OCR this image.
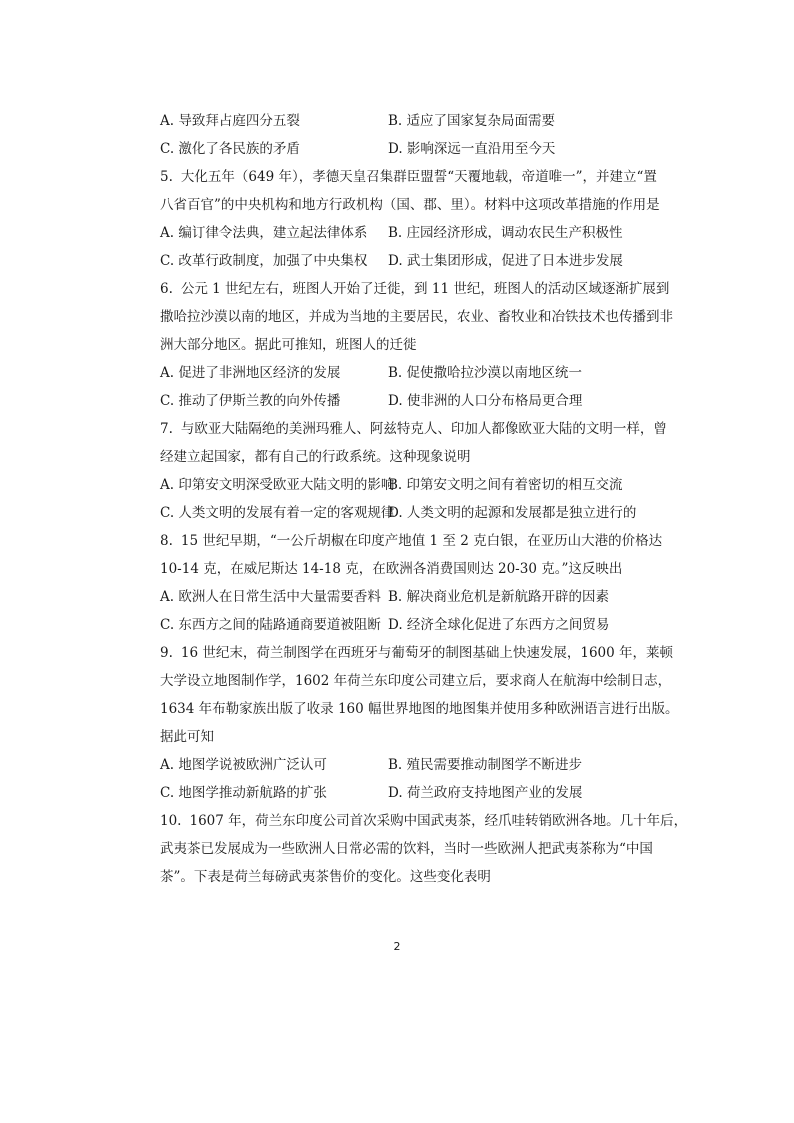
A. 导致拜占庭四分五裂	B. 适应了国家复杂局面需要
C. 激化了各民族的矛盾	D. 影响深远一直沿用至今天
5. 大化五年（649 年），孝德天皇召集群臣盟誓“天覆地载，帝道唯一”，并建立“置
八省百官”的中央机构和地方行政机构（国、郡、里）。材料中这项改革措施的作用是
A. 编订律令法典，建立起法律体系	B. 庄园经济形成，调动农民生产积极性
C. 改革行政制度，加强了中央集权	D. 武士集团形成，促进了日本进步发展
6. 公元 1 世纪左右，班图人开始了迁徙，到 11 世纪，班图人的活动区域逐渐扩展到
撒哈拉沙漠以南的地区，并成为当地的主要居民，农业、畜牧业和冶铁技术也传播到非
洲大部分地区。据此可推知，班图人的迁徙
A. 促进了非洲地区经济的发展	B. 促使撒哈拉沙漠以南地区统一
C. 推动了伊斯兰教的向外传播	D. 使非洲的人口分布格局更合理
7. 与欧亚大陆隔绝的美洲玛雅人、阿兹特克人、印加人都像欧亚大陆的文明一样，曾
经建立起国家，都有自己的行政系统。这种现象说明
A. 印第安文明深受欧亚大陆文明的影响
B. 印第安文明之间有着密切的相互交流
C. 人类文明的发展有着一定的客观规律
D. 人类文明的起源和发展都是独立进行的
8. 15 世纪早期，“一公斤胡椒在印度产地值 1 至 2 克白银，在亚历山大港的价格达
10-14 克，在威尼斯达 14-18 克，在欧洲各消费国则达 20-30 克。”这反映出
A. 欧洲人在日常生活中大量需要香料 B. 解决商业危机是新航路开辟的因素
C. 东西方之间的陆路通商要道被阻断 D. 经济全球化促进了东西方之间贸易
9. 16 世纪末，荷兰制图学在西班牙与葡萄牙的制图基础上快速发展，1600 年，莱顿
大学设立地图制作学，1602 年荷兰东印度公司建立后，要求商人在航海中绘制日志，
1634 年布勒家族出版了收录 160 幅世界地图的地图集并使用多种欧洲语言进行出版。
据此可知
A. 地图学说被欧洲广泛认可	B. 殖民需要推动制图学不断进步
C. 地图学推动新航路的扩张	D. 荷兰政府支持地图产业的发展
10. 1607 年，荷兰东印度公司首次采购中国武夷茶，经爪哇转销欧洲各地。几十年后，
武夷茶已发展成为一些欧洲人日常必需的饮料，当时一些欧洲人把武夷茶称为“中国
茶”。下表是荷兰每磅武夷茶售价的变化。这些变化表明
2
